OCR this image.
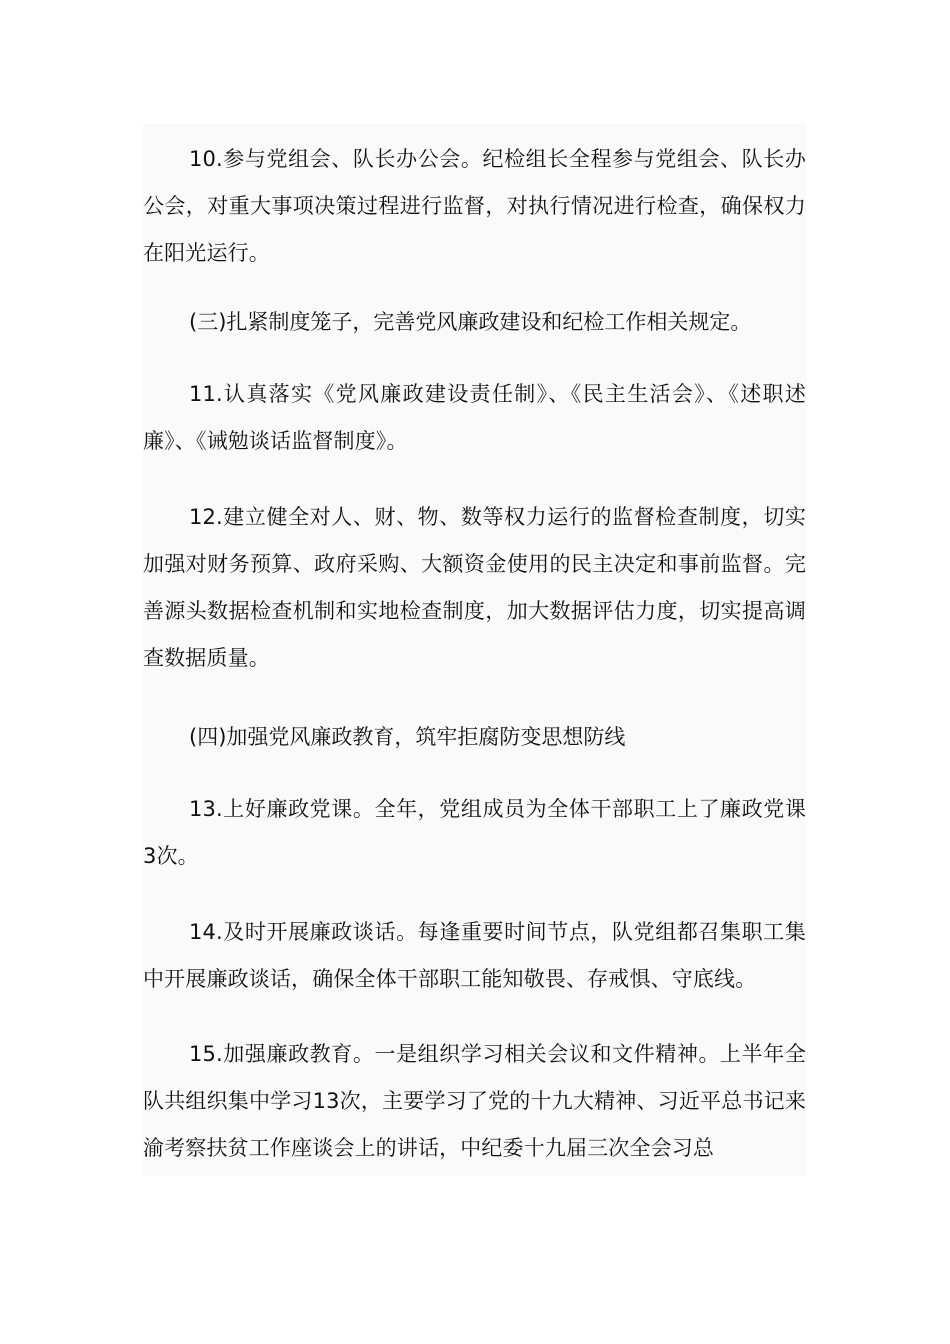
10.参与党组会、队长办公会。纪检组长全程参与党组会、队长办公会，对重大事项决策过程进行监督，对执行情况进行检查，确保权力在阳光运行。

(三)扎紧制度笼子，完善党风廉政建设和纪检工作相关规定。

11.认真落实《党风廉政建设责任制》、《民主生活会》、《述职述廉》、《诫勉谈话监督制度》。

12.建立健全对人、财、物、数等权力运行的监督检查制度，切实加强对财务预算、政府采购、大额资金使用的民主决定和事前监督。完善源头数据检查机制和实地检查制度，加大数据评估力度，切实提高调查数据质量。

(四)加强党风廉政教育，筑牢拒腐防变思想防线

13.上好廉政党课。全年，党组成员为全体干部职工上了廉政党课3次。

14.及时开展廉政谈话。每逢重要时间节点，队党组都召集职工集中开展廉政谈话，确保全体干部职工能知敬畏、存戒惧、守底线。

15.加强廉政教育。一是组织学习相关会议和文件精神。上半年全队共组织集中学习13次，主要学习了党的十九大精神、习近平总书记来渝考察扶贫工作座谈会上的讲话，中纪委十九届三次全会习总
